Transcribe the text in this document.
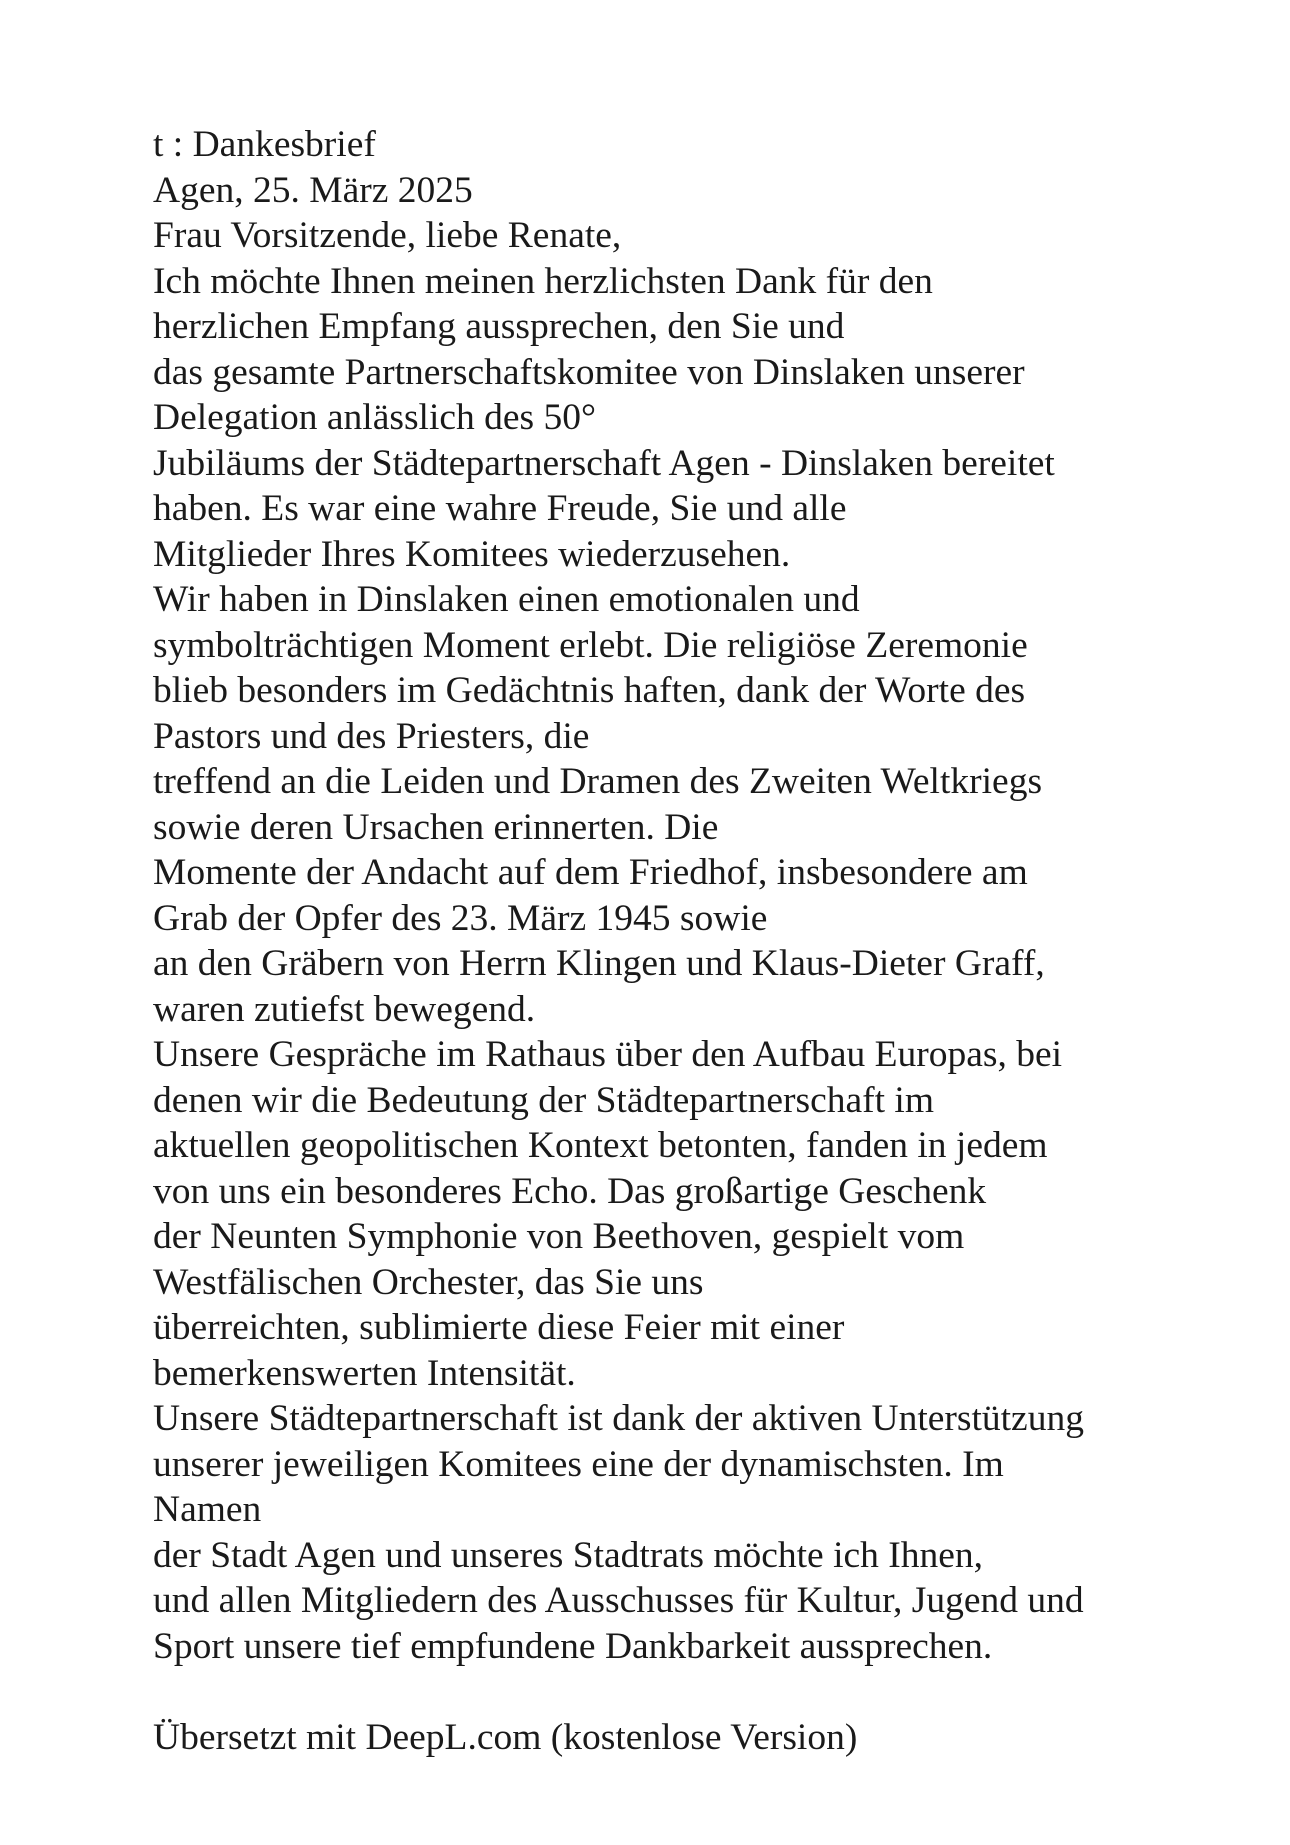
t : Dankesbrief
Agen, 25. März 2025
Frau Vorsitzende, liebe Renate,
Ich möchte Ihnen meinen herzlichsten Dank für den
herzlichen Empfang aussprechen, den Sie und
das gesamte Partnerschaftskomitee von Dinslaken unserer
Delegation anlässlich des 50°
Jubiläums der Städtepartnerschaft Agen - Dinslaken bereitet
haben. Es war eine wahre Freude, Sie und alle
Mitglieder Ihres Komitees wiederzusehen.
Wir haben in Dinslaken einen emotionalen und
symbolträchtigen Moment erlebt. Die religiöse Zeremonie
blieb besonders im Gedächtnis haften, dank der Worte des
Pastors und des Priesters, die
treffend an die Leiden und Dramen des Zweiten Weltkriegs
sowie deren Ursachen erinnerten. Die
Momente der Andacht auf dem Friedhof, insbesondere am
Grab der Opfer des 23. März 1945 sowie
an den Gräbern von Herrn Klingen und Klaus-Dieter Graff,
waren zutiefst bewegend.
Unsere Gespräche im Rathaus über den Aufbau Europas, bei
denen wir die Bedeutung der Städtepartnerschaft im
aktuellen geopolitischen Kontext betonten, fanden in jedem
von uns ein besonderes Echo. Das großartige Geschenk
der Neunten Symphonie von Beethoven, gespielt vom
Westfälischen Orchester, das Sie uns
überreichten, sublimierte diese Feier mit einer
bemerkenswerten Intensität.
Unsere Städtepartnerschaft ist dank der aktiven Unterstützung
unserer jeweiligen Komitees eine der dynamischsten. Im
Namen
der Stadt Agen und unseres Stadtrats möchte ich Ihnen,
und allen Mitgliedern des Ausschusses für Kultur, Jugend und
Sport unsere tief empfundene Dankbarkeit aussprechen.
Übersetzt mit DeepL.com (kostenlose Version)
